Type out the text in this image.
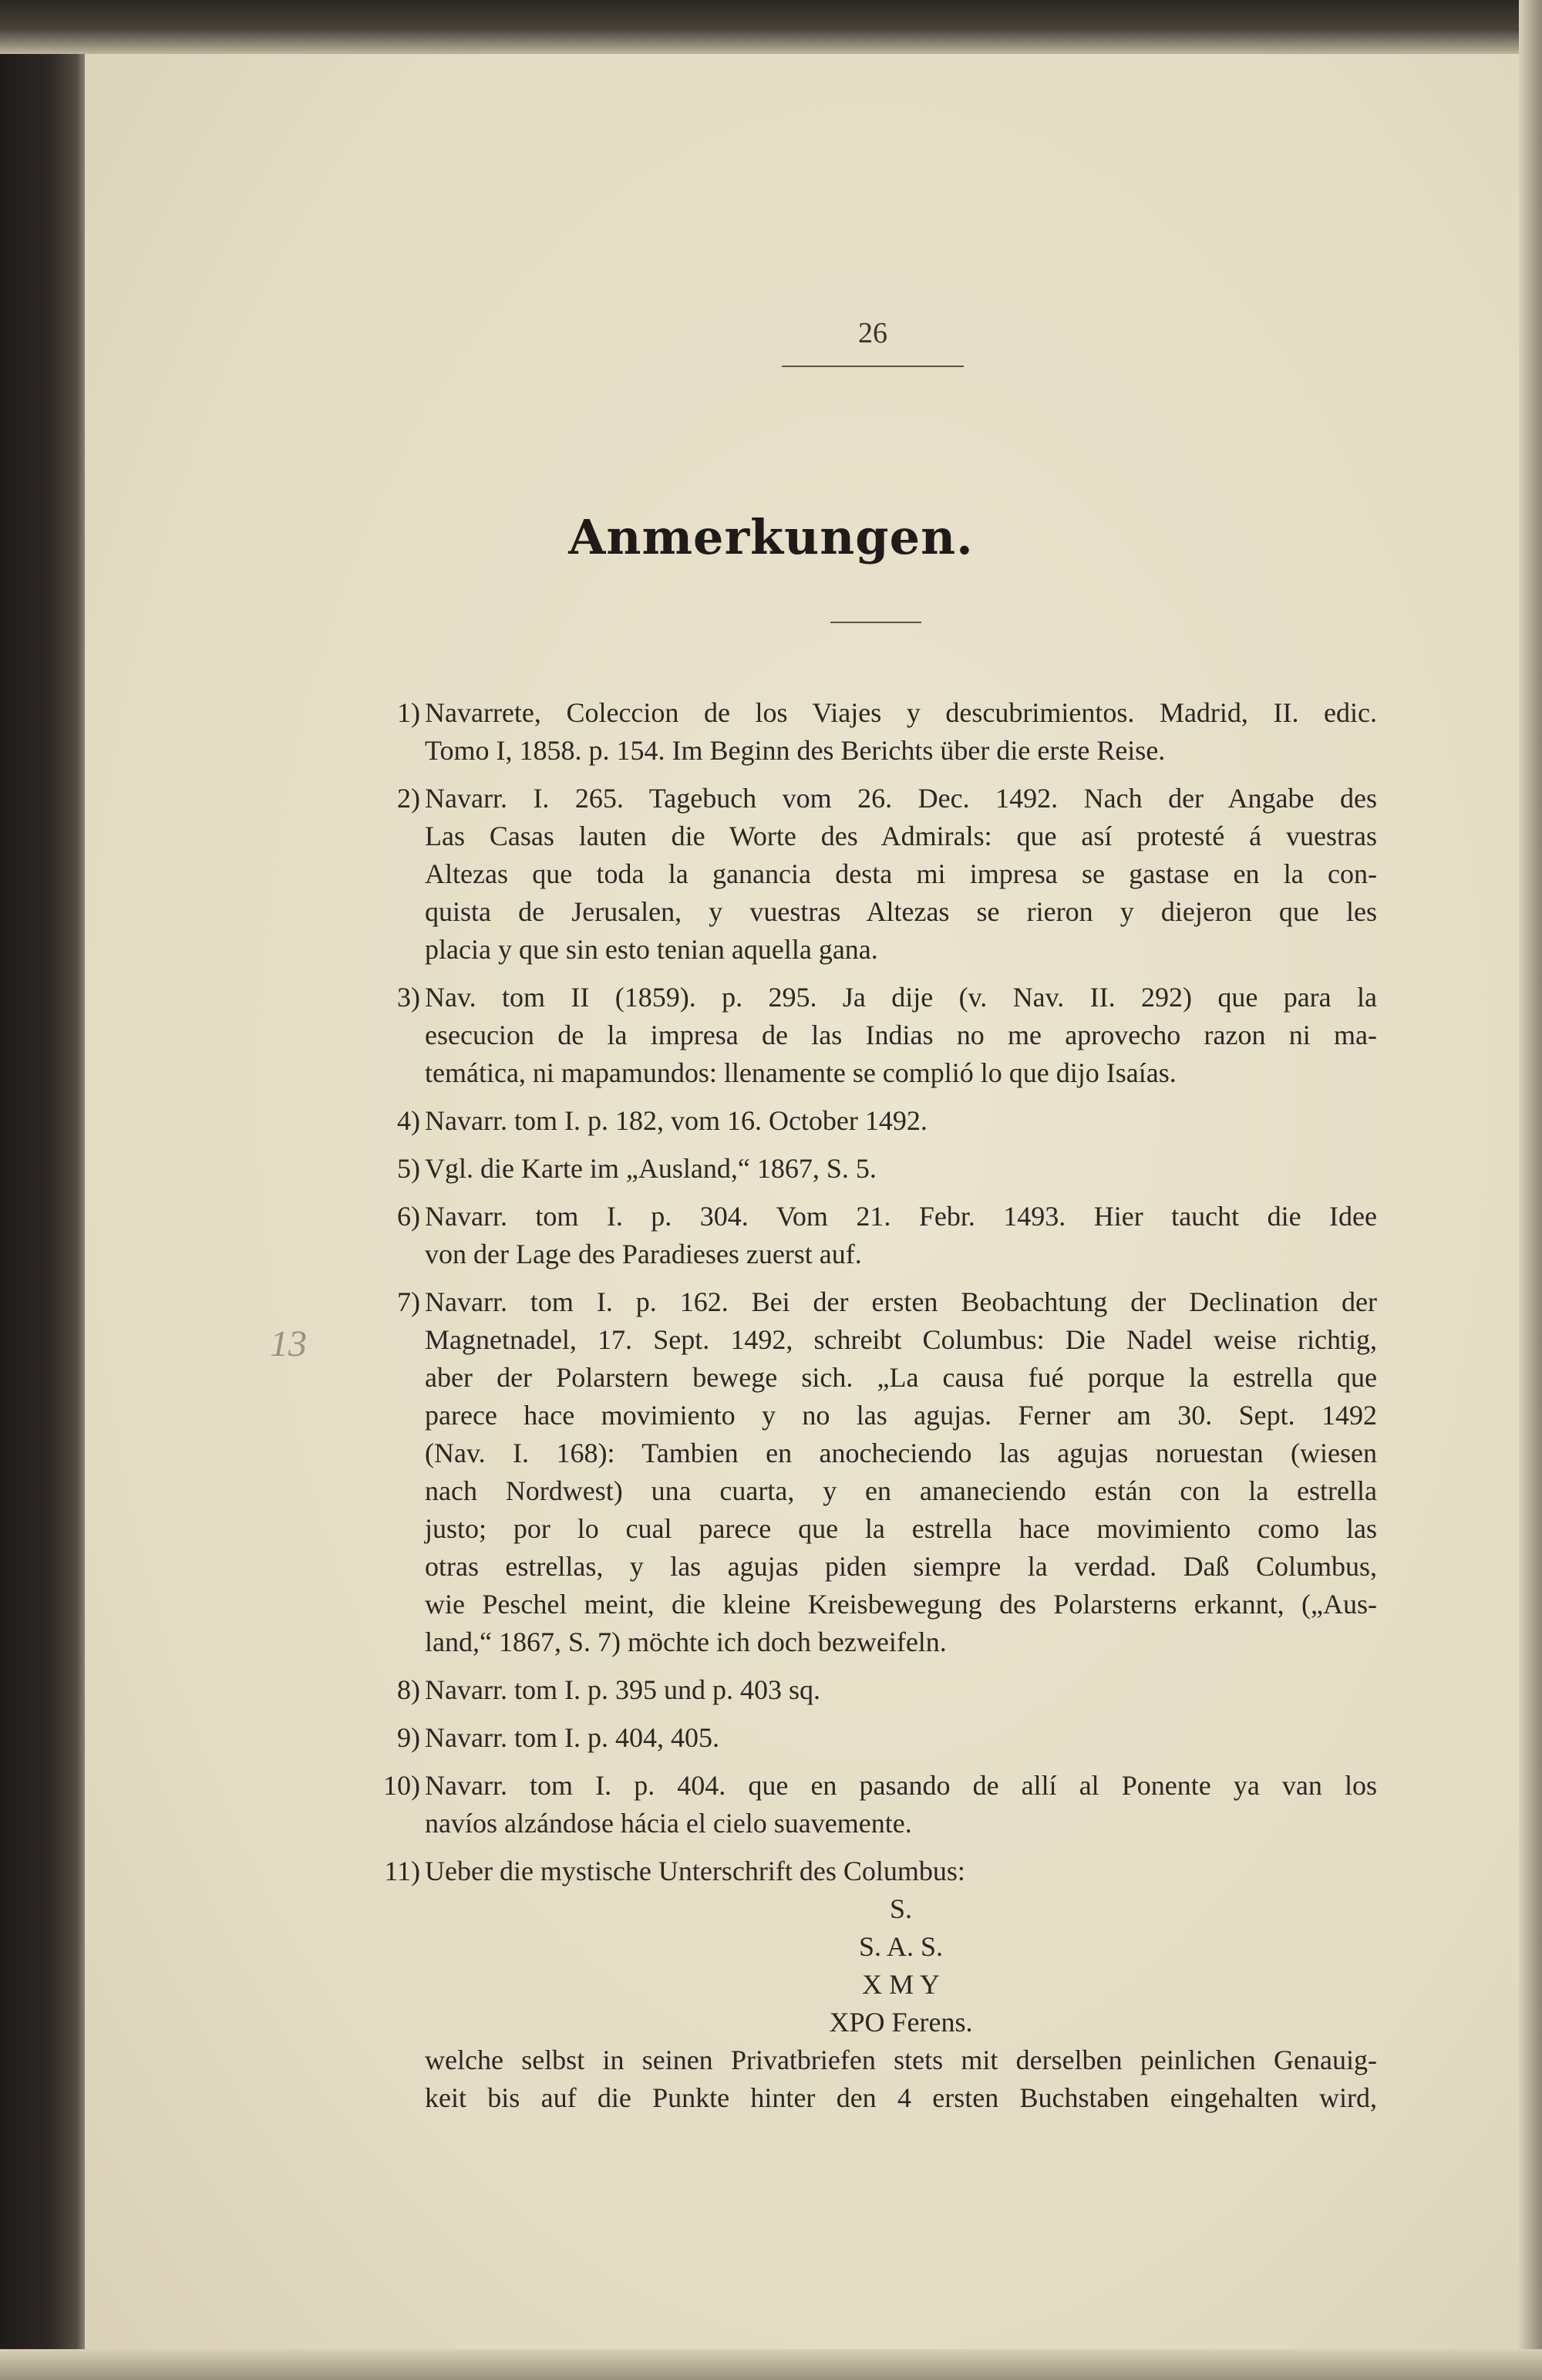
26
Anmerkungen.
13
1) Navarrete, Coleccion de los Viajes y descubrimientos. Madrid, II. edic.
Tomo I, 1858. p. 154. Im Beginn des Berichts über die erste Reise.
2) Navarr. I. 265. Tagebuch vom 26. Dec. 1492. Nach der Angabe des
Las Casas lauten die Worte des Admirals: que así protesté á vuestras
Altezas que toda la ganancia desta mi impresa se gastase en la con-
quista de Jerusalen, y vuestras Altezas se rieron y diejeron que les
placia y que sin esto tenian aquella gana.
3) Nav. tom II (1859). p. 295. Ja dije (v. Nav. II. 292) que para la
esecucion de la impresa de las Indias no me aprovecho razon ni ma-
temática, ni mapamundos: llenamente se complió lo que dijo Isaías.
4) Navarr. tom I. p. 182, vom 16. October 1492.
5) Vgl. die Karte im „Ausland,“ 1867, S. 5.
6) Navarr. tom I. p. 304. Vom 21. Febr. 1493. Hier taucht die Idee
von der Lage des Paradieses zuerst auf.
7) Navarr. tom I. p. 162. Bei der ersten Beobachtung der Declination der
Magnetnadel, 17. Sept. 1492, schreibt Columbus: Die Nadel weise richtig,
aber der Polarstern bewege sich. „La causa fué porque la estrella que
parece hace movimiento y no las agujas. Ferner am 30. Sept. 1492
(Nav. I. 168): Tambien en anocheciendo las agujas noruestan (wiesen
nach Nordwest) una cuarta, y en amaneciendo están con la estrella
justo; por lo cual parece que la estrella hace movimiento como las
otras estrellas, y las agujas piden siempre la verdad. Daß Columbus,
wie Peschel meint, die kleine Kreisbewegung des Polarsterns erkannt, („Aus-
land,“ 1867, S. 7) möchte ich doch bezweifeln.
8) Navarr. tom I. p. 395 und p. 403 sq.
9) Navarr. tom I. p. 404, 405.
10) Navarr. tom I. p. 404. que en pasando de allí al Ponente ya van los
navíos alzándose hácia el cielo suavemente.
11) Ueber die mystische Unterschrift des Columbus:
S.
S. A. S.
X M Y
XPO Ferens.
welche selbst in seinen Privatbriefen stets mit derselben peinlichen Genauig-
keit bis auf die Punkte hinter den 4 ersten Buchstaben eingehalten wird,
